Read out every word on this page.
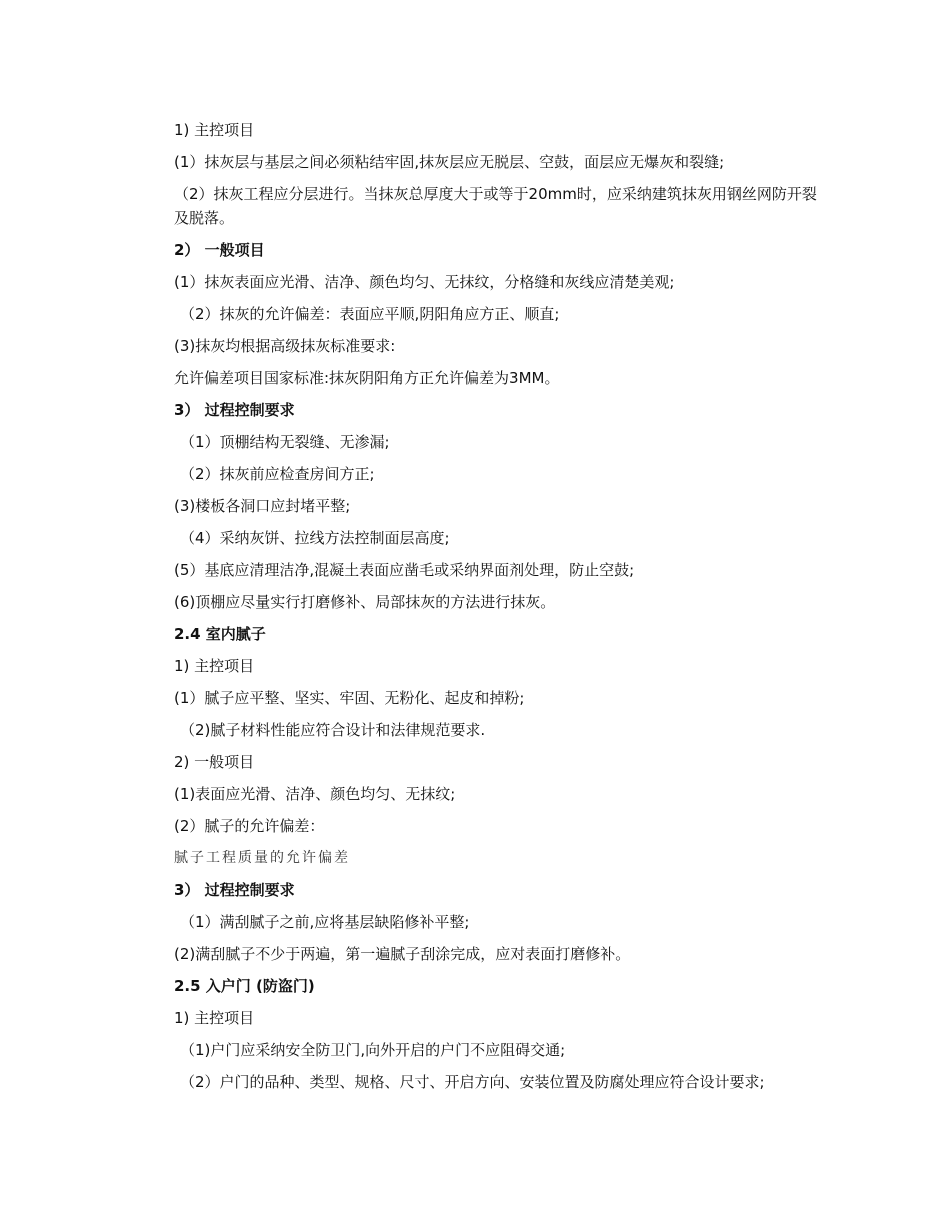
1) 主控项目
(1）抹灰层与基层之间必须粘结牢固,抹灰层应无脱层、空鼓，面层应无爆灰和裂缝;
（2）抹灰工程应分层进行。当抹灰总厚度大于或等于20mm时，应采纳建筑抹灰用钢丝网防开裂及脱落。
2） 一般项目
(1）抹灰表面应光滑、洁净、颜色均匀、无抹纹，分格缝和灰线应清楚美观;
（2）抹灰的允许偏差：表面应平顺,阴阳角应方正、顺直;
(3)抹灰均根据高级抹灰标准要求:
允许偏差项目国家标准:抹灰阴阳角方正允许偏差为3MM。
3） 过程控制要求
（1）顶棚结构无裂缝、无渗漏;
（2）抹灰前应检查房间方正;
(3)楼板各洞口应封堵平整;
（4）采纳灰饼、拉线方法控制面层高度;
(5）基底应清理洁净,混凝土表面应凿毛或采纳界面剂处理，防止空鼓;
(6)顶棚应尽量实行打磨修补、局部抹灰的方法进行抹灰。
2.4 室内腻子
1) 主控项目
(1）腻子应平整、坚实、牢固、无粉化、起皮和掉粉;
（2)腻子材料性能应符合设计和法律规范要求.
2) 一般项目
(1)表面应光滑、洁净、颜色均匀、无抹纹;
(2）腻子的允许偏差：
腻子工程质量的允许偏差
3） 过程控制要求
（1）满刮腻子之前,应将基层缺陷修补平整;
(2)满刮腻子不少于两遍，第一遍腻子刮涂完成，应对表面打磨修补。
2.5 入户门 (防盗门)
1) 主控项目
（1)户门应采纳安全防卫门,向外开启的户门不应阻碍交通;
（2）户门的品种、类型、规格、尺寸、开启方向、安装位置及防腐处理应符合设计要求;
